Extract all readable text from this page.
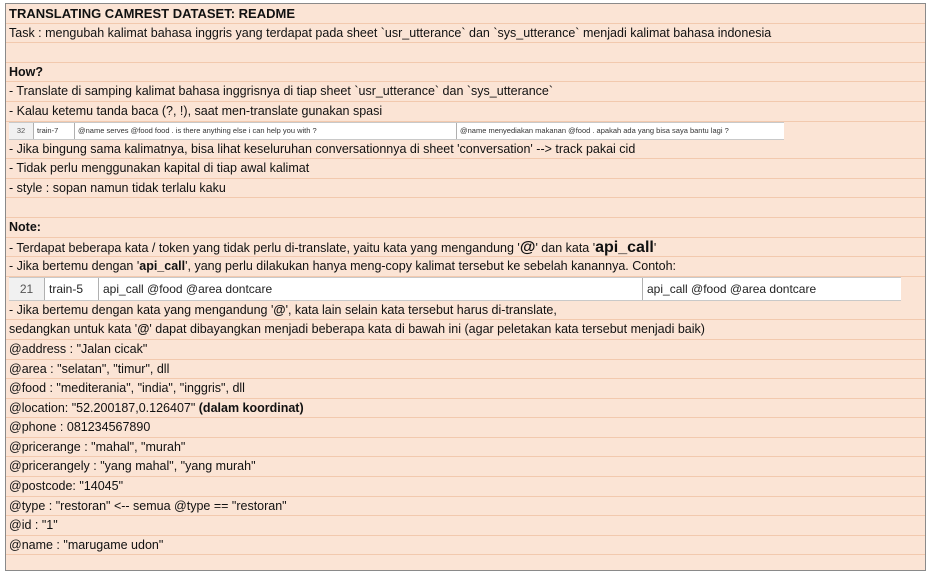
TRANSLATING CAMREST DATASET: README
Task : mengubah kalimat bahasa inggris yang terdapat pada sheet `usr_utterance` dan `sys_utterance` menjadi kalimat bahasa indonesia
How?
- Translate di samping kalimat bahasa inggrisnya di tiap sheet `usr_utterance` dan `sys_utterance`
- Kalau ketemu tanda baca (?, !), saat men-translate gunakan spasi
32	train-7	@name serves @food food . is there anything else i can help you with ?	@name menyediakan makanan @food . apakah ada yang bisa saya bantu lagi ?
- Jika bingung sama kalimatnya, bisa lihat keseluruhan conversationnya di sheet 'conversation' --> track pakai cid
- Tidak perlu menggunakan kapital di tiap awal kalimat
- style : sopan namun tidak terlalu kaku
Note:
- Terdapat beberapa kata / token yang tidak perlu di-translate, yaitu kata yang mengandung '@' dan kata 'api_call'
- Jika bertemu dengan 'api_call', yang perlu dilakukan hanya meng-copy kalimat tersebut ke sebelah kanannya. Contoh:
21	train-5	api_call @food @area dontcare	api_call @food @area dontcare
- Jika bertemu dengan kata yang mengandung '@', kata lain selain kata tersebut harus di-translate,
sedangkan untuk kata '@' dapat dibayangkan menjadi beberapa kata di bawah ini (agar peletakan kata tersebut menjadi baik)
@address : "Jalan cicak"
@area : "selatan", "timur", dll
@food : "mediterania", "india", "inggris", dll
@location: "52.200187,0.126407" (dalam koordinat)
@phone : 081234567890
@pricerange : "mahal", "murah"
@pricerangely : "yang mahal", "yang murah"
@postcode: "14045"
@type : "restoran" <-- semua @type == "restoran"
@id : "1"
@name : "marugame udon"
